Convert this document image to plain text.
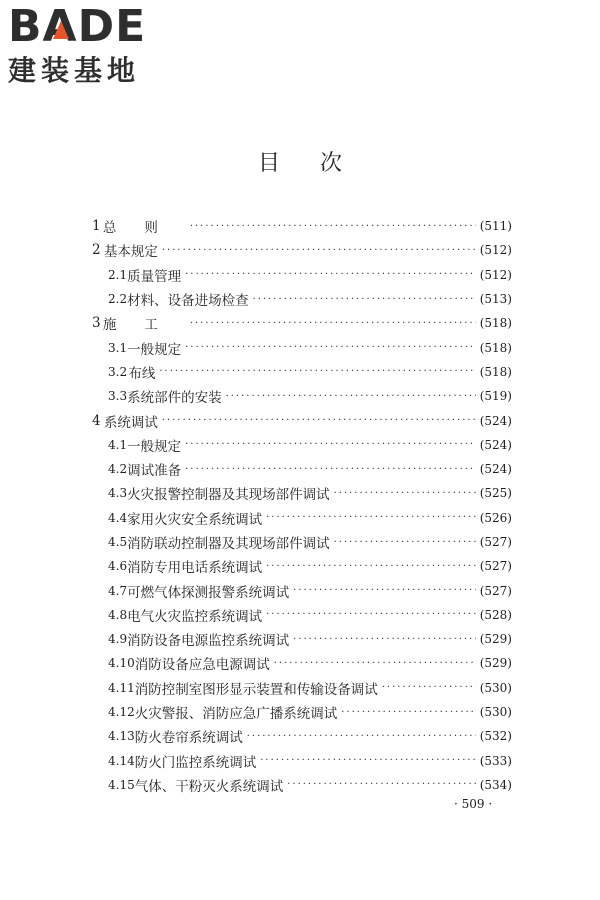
BA
DE
建装基地
目次
1 总则 ·····	(511)
2 基本规定 ·····	(512)
2.1 质量管理 ·····	(512)
2.2 材料、设备进场检查 ·····	(513)
3 施工 ·····	(518)
3.1 一般规定 ·····	(518)
3.2 布线 ·····	(518)
3.3 系统部件的安装 ·····	(519)
4 系统调试 ·····	(524)
4.1 一般规定 ·····	(524)
4.2 调试准备 ·····	(524)
4.3 火灾报警控制器及其现场部件调试 ·····	(525)
4.4 家用火灾安全系统调试 ·····	(526)
4.5 消防联动控制器及其现场部件调试 ·····	(527)
4.6 消防专用电话系统调试 ·····	(527)
4.7 可燃气体探测报警系统调试 ·····	(527)
4.8 电气火灾监控系统调试 ·····	(528)
4.9 消防设备电源监控系统调试 ·····	(529)
4.10 消防设备应急电源调试 ·····	(529)
4.11 消防控制室图形显示装置和传输设备调试 ·····	(530)
4.12 火灾警报、消防应急广播系统调试 ·····	(530)
4.13 防火卷帘系统调试 ·····	(532)
4.14 防火门监控系统调试 ·····	(533)
4.15 气体、干粉灭火系统调试 ·····	(534)
· 509 ·
